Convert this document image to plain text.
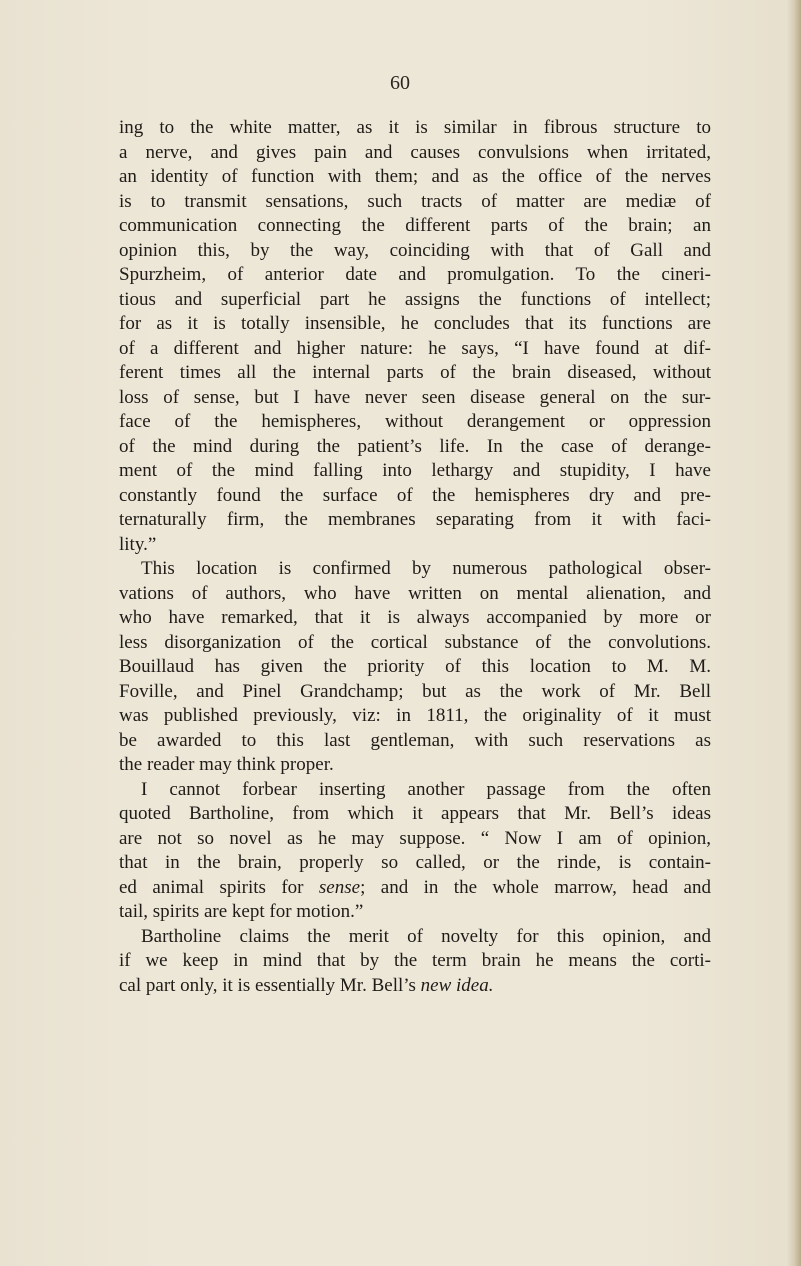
60
ing to the white matter, as it is similar in fibrous structure to
a nerve, and gives pain and causes convulsions when irritated,
an identity of function with them; and as the office of the nerves
is to transmit sensations, such tracts of matter are mediæ of
communication connecting the different parts of the brain; an
opinion this, by the way, coinciding with that of Gall and
Spurzheim, of anterior date and promulgation. To the cineri-
tious and superficial part he assigns the functions of intellect;
for as it is totally insensible, he concludes that its functions are
of a different and higher nature: he says, “I have found at dif-
ferent times all the internal parts of the brain diseased, without
loss of sense, but I have never seen disease general on the sur-
face of the hemispheres, without derangement or oppression
of the mind during the patient’s life. In the case of derange-
ment of the mind falling into lethargy and stupidity, I have
constantly found the surface of the hemispheres dry and pre-
ternaturally firm, the membranes separating from it with faci-
lity.”
This location is confirmed by numerous pathological obser-
vations of authors, who have written on mental alienation, and
who have remarked, that it is always accompanied by more or
less disorganization of the cortical substance of the convolutions.
Bouillaud has given the priority of this location to M. M.
Foville, and Pinel Grandchamp; but as the work of Mr. Bell
was published previously, viz: in 1811, the originality of it must
be awarded to this last gentleman, with such reservations as
the reader may think proper.
I cannot forbear inserting another passage from the often
quoted Bartholine, from which it appears that Mr. Bell’s ideas
are not so novel as he may suppose. “ Now I am of opinion,
that in the brain, properly so called, or the rinde, is contain-
ed animal spirits for sense; and in the whole marrow, head and
tail, spirits are kept for motion.”
Bartholine claims the merit of novelty for this opinion, and
if we keep in mind that by the term brain he means the corti-
cal part only, it is essentially Mr. Bell’s new idea.
